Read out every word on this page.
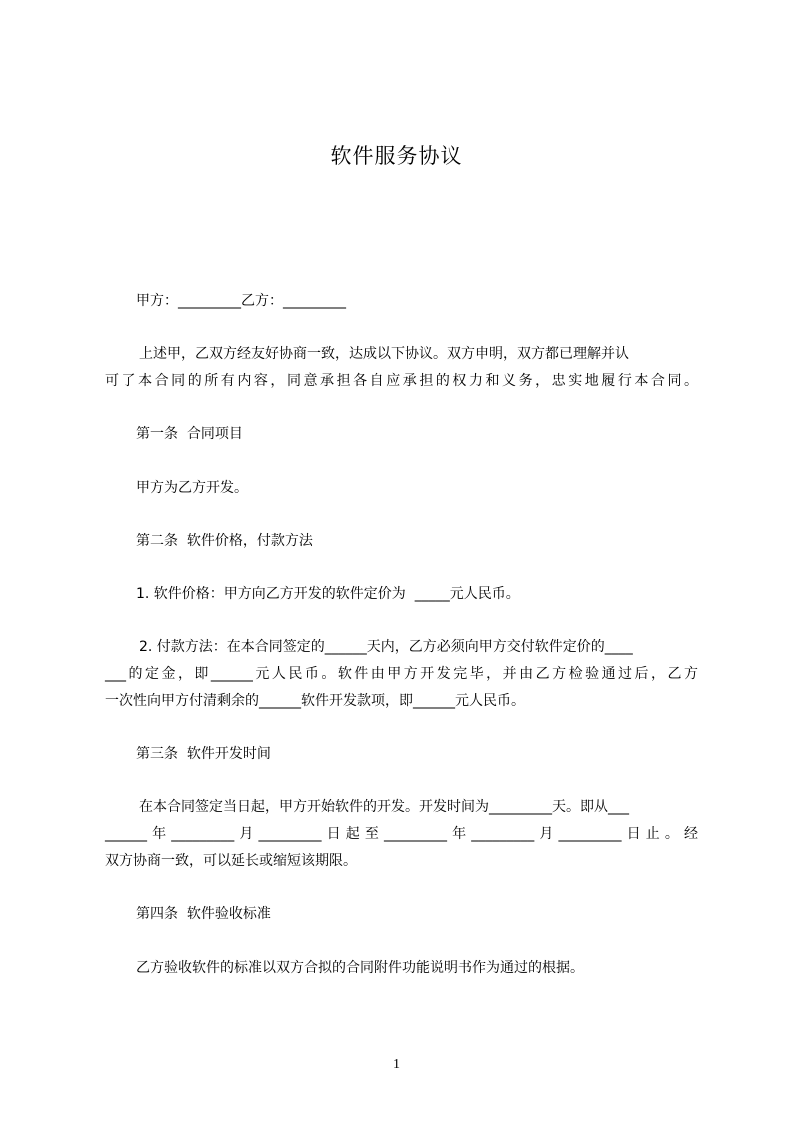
软件服务协议
甲方：_________乙方：_________
上述甲，乙双方经友好协商一致，达成以下协议。双方申明，双方都已理解并认
可了本合同的所有内容，同意承担各自应承担的权力和义务，忠实地履行本合同。
第一条  合同项目
甲方为乙方开发。
第二条  软件价格，付款方法
1. 软件价格：甲方向乙方开发的软件定价为  _____元人民币。
2. 付款方法：在本合同签定的______天内，乙方必须向甲方交付软件定价的____
___的定金，即______元人民币。软件由甲方开发完毕，并由乙方检验通过后，乙方
一次性向甲方付清剩余的______软件开发款项，即______元人民币。
第三条  软件开发时间
在本合同签定当日起，甲方开始软件的开发。开发时间为_________天。即从___
______年_________月_________日起至_________年_________月_________日止。经
双方协商一致，可以延长或缩短该期限。
第四条  软件验收标准
乙方验收软件的标准以双方合拟的合同附件功能说明书作为通过的根据。
1
